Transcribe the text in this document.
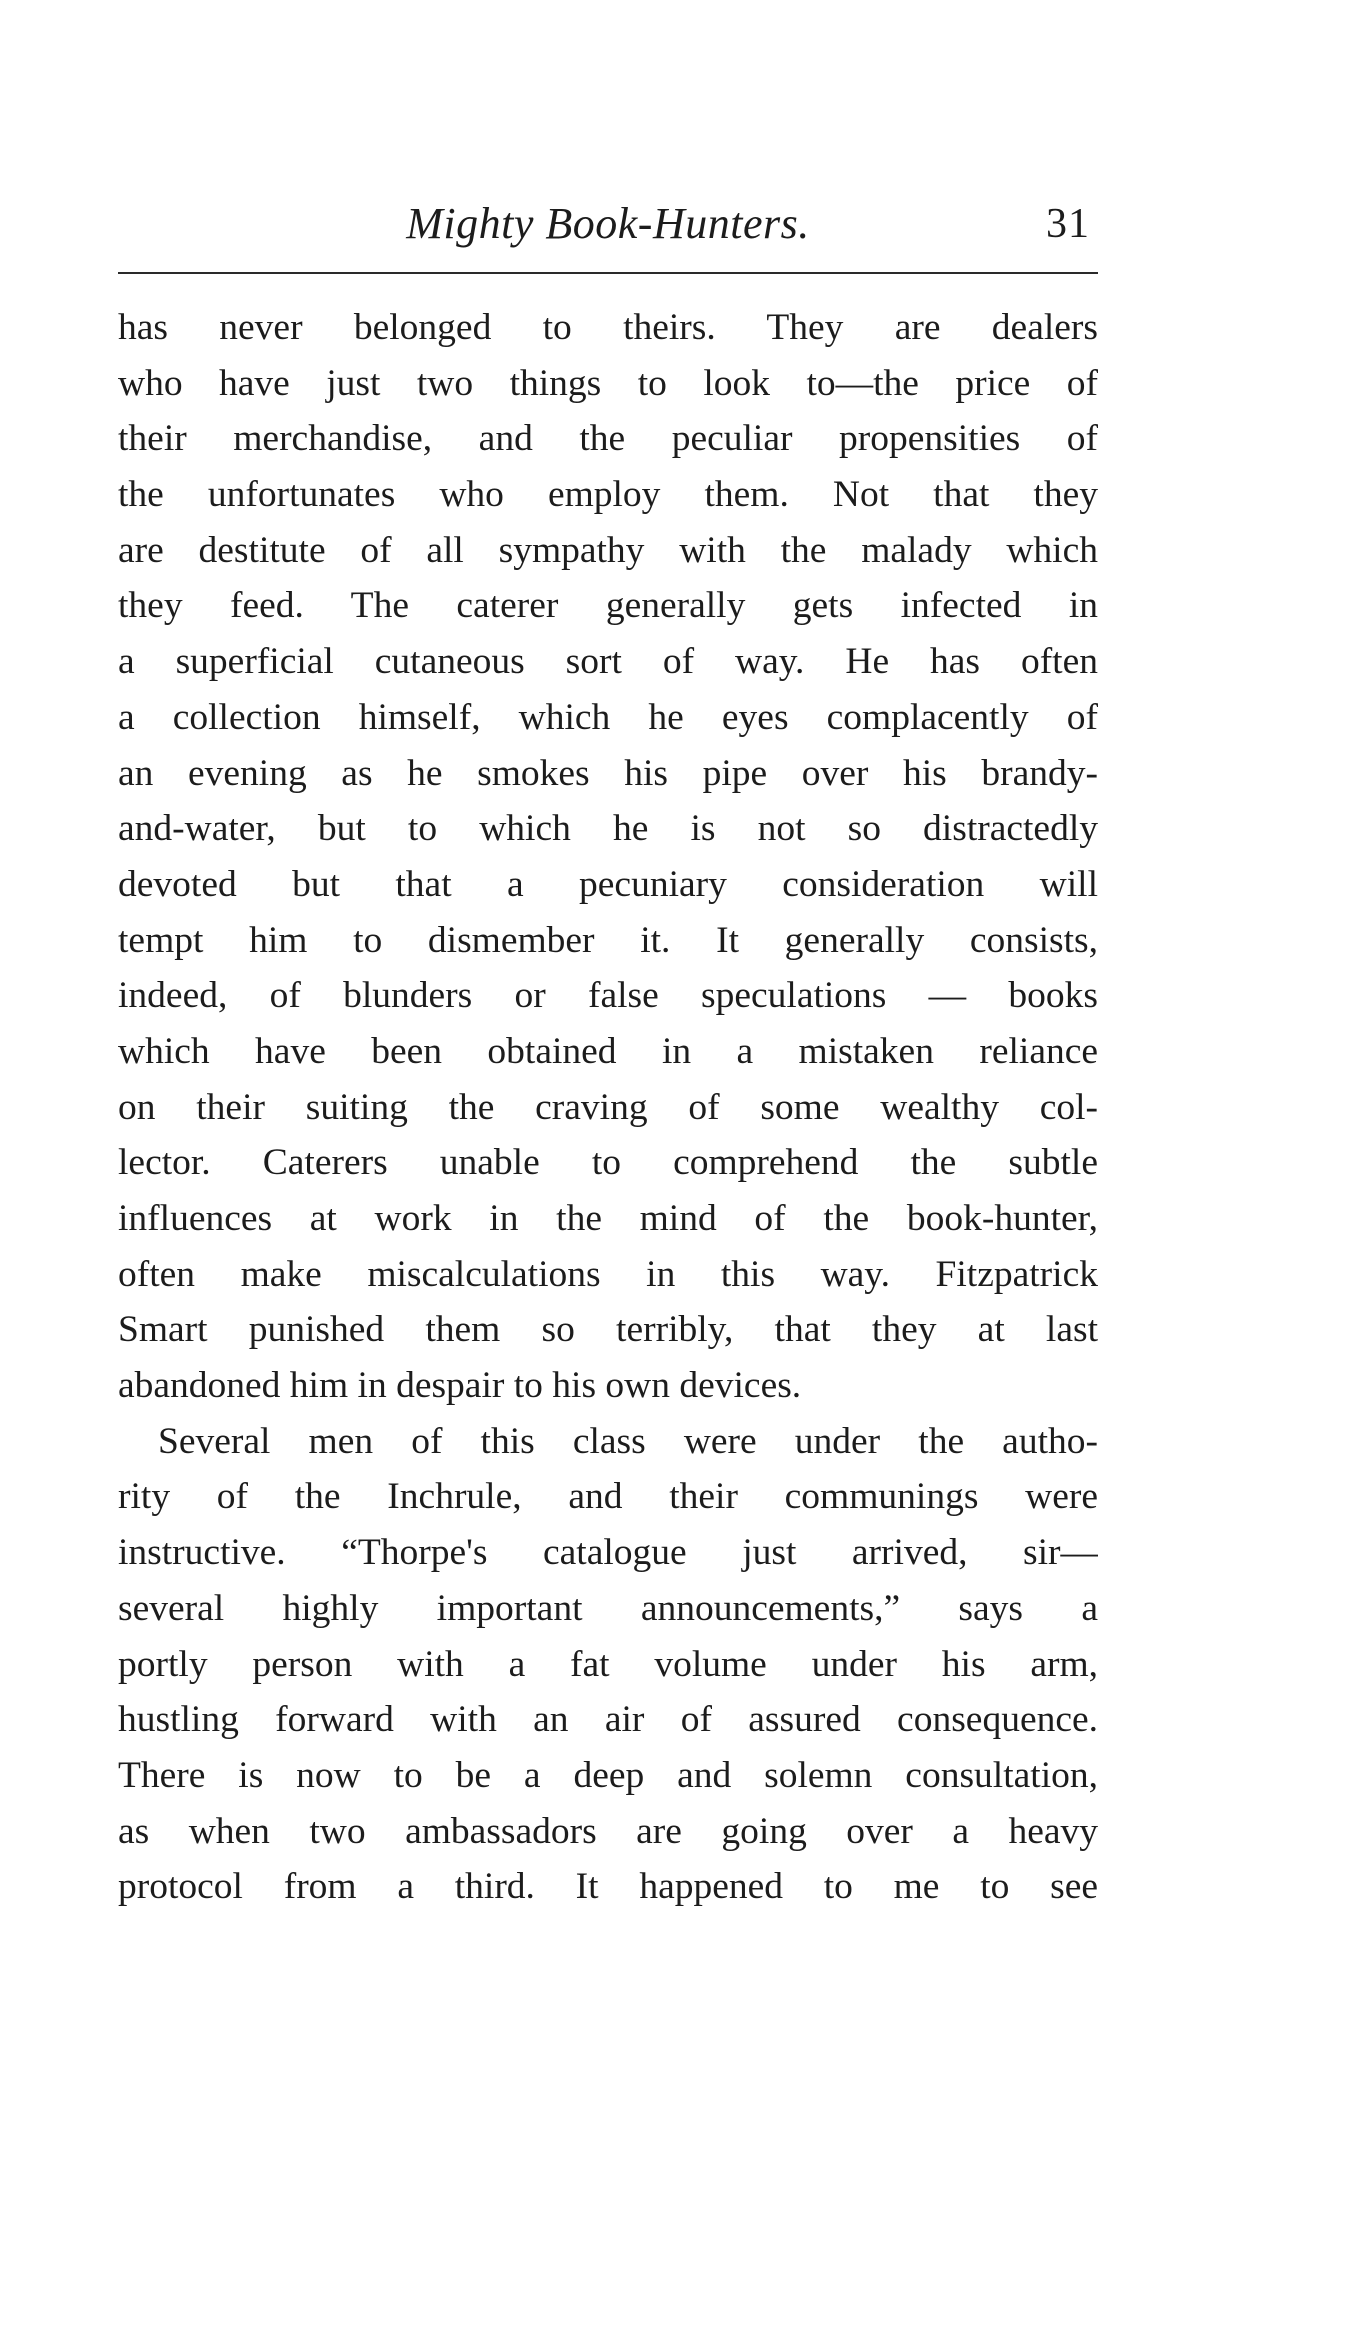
Mighty Book-Hunters.	31
has never belonged to theirs. They are dealers
who have just two things to look to—the price of
their merchandise, and the peculiar propensities of
the unfortunates who employ them. Not that they
are destitute of all sympathy with the malady which
they feed. The caterer generally gets infected in
a superficial cutaneous sort of way. He has often
a collection himself, which he eyes complacently of
an evening as he smokes his pipe over his brandy-
and-water, but to which he is not so distractedly
devoted but that a pecuniary consideration will
tempt him to dismember it. It generally consists,
indeed, of blunders or false speculations — books
which have been obtained in a mistaken reliance
on their suiting the craving of some wealthy col-
lector. Caterers unable to comprehend the subtle
influences at work in the mind of the book-hunter,
often make miscalculations in this way. Fitzpatrick
Smart punished them so terribly, that they at last
abandoned him in despair to his own devices.
Several men of this class were under the autho-
rity of the Inchrule, and their communings were
instructive. “Thorpe's catalogue just arrived, sir—
several highly important announcements,” says a
portly person with a fat volume under his arm,
hustling forward with an air of assured consequence.
There is now to be a deep and solemn consultation,
as when two ambassadors are going over a heavy
protocol from a third. It happened to me to see
